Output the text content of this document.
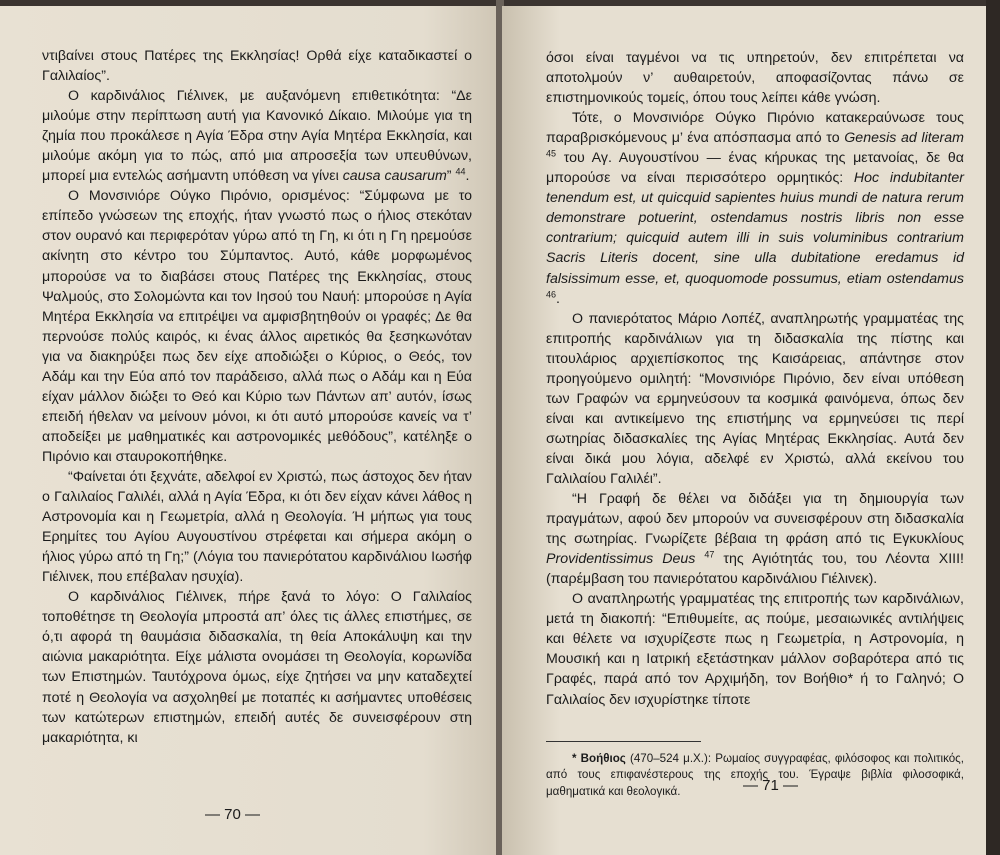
ντιβαίνει στους Πατέρες της Εκκλησίας! Ορθά είχε καταδικαστεί ο Γαλιλαίος”.

Ο καρδινάλιος Γιέλινεκ, με αυξανόμενη επιθετικότητα: “Δε μιλούμε στην περίπτωση αυτή για Κανονικό Δίκαιο. Μιλούμε για τη ζημία που προκάλεσε η Αγία Έδρα στην Αγία Μητέρα Εκκλησία, και μιλούμε ακόμη για το πώς, από μια απροσεξία των υπευθύνων, μπορεί μια εντελώς ασήμαντη υπόθεση να γίνει causa causarum” $^{44}$.

Ο Μονσινιόρε Ούγκο Πιρόνιο, ορισμένος: “Σύμφωνα με το επίπεδο γνώσεων της εποχής, ήταν γνωστό πως ο ήλιος στεκόταν στον ουρανό και περιφερόταν γύρω από τη Γη, κι ότι η Γη ηρεμούσε ακίνητη στο κέντρο του Σύμπαντος. Αυτό, κάθε μορφωμένος μπορούσε να το διαβάσει στους Πατέρες της Εκκλησίας, στους Ψαλμούς, στο Σολομώντα και τον Ιησού του Ναυή: μπορούσε η Αγία Μητέρα Εκκλησία να επιτρέψει να αμφισβητηθούν οι γραφές; Δε θα περνούσε πολύς καιρός, κι ένας άλλος αιρετικός θα ξεσηκωνόταν για να διακηρύξει πως δεν είχε αποδιώξει ο Κύριος, ο Θεός, τον Αδάμ και την Εύα από τον παράδεισο, αλλά πως ο Αδάμ και η Εύα είχαν μάλλον διώξει το Θεό και Κύριο των Πάντων απ’ αυτόν, ίσως επειδή ήθελαν να μείνουν μόνοι, κι ότι αυτό μπορούσε κανείς να τ’ αποδείξει με μαθηματικές και αστρονομικές μεθόδους”, κατέληξε ο Πιρόνιο και σταυροκοπήθηκε.

“Φαίνεται ότι ξεχνάτε, αδελφοί εν Χριστώ, πως άστοχος δεν ήταν ο Γαλιλαίος Γαλιλέι, αλλά η Αγία Έδρα, κι ότι δεν είχαν κάνει λάθος η Αστρονομία και η Γεωμετρία, αλλά η Θεολογία. Ή μήπως για τους Ερημίτες του Αγίου Αυγουστίνου στρέφεται και σήμερα ακόμη ο ήλιος γύρω από τη Γη;” (Λόγια του πανιερότατου καρδινάλιου Ιωσήφ Γιέλινεκ, που επέβαλαν ησυχία).

Ο καρδινάλιος Γιέλινεκ, πήρε ξανά το λόγο: Ο Γαλιλαίος τοποθέτησε τη Θεολογία μπροστά απ’ όλες τις άλλες επιστήμες, σε ό,τι αφορά τη θαυμάσια διδασκαλία, τη θεία Αποκάλυψη και την αιώνια μακαριότητα. Είχε μάλιστα ονομάσει τη Θεολογία, κορωνίδα των Επιστημών. Ταυτόχρονα όμως, είχε ζητήσει να μην καταδεχτεί ποτέ η Θεολογία να ασχοληθεί με ποταπές κι ασήμαντες υποθέσεις των κατώτερων επιστημών, επειδή αυτές δε συνεισφέρουν στη μακαριότητα, κι

— 70 —

όσοι είναι ταγμένοι να τις υπηρετούν, δεν επιτρέπεται να αποτολμούν ν’ αυθαιρετούν, αποφασίζοντας πάνω σε επιστημονικούς τομείς, όπου τους λείπει κάθε γνώση.

Τότε, ο Μονσινιόρε Ούγκο Πιρόνιο κατακεραύνωσε τους παραβρισκόμενους μ’ ένα απόσπασμα από το Genesis ad literam $^{45}$ του Αγ. Αυγουστίνου — ένας κήρυκας της μετανοίας, δε θα μπορούσε να είναι περισσότερο ορμητικός: Hoc indubitanter tenendum est, ut quicquid sapientes huius mundi de natura rerum demonstrare potuerint, ostendamus nostris libris non esse contrarium; quicquid autem illi in suis voluminibus contrarium Sacris Literis docent, sine ulla dubitatione eredamus id falsissimum esse, et, quoquomode possumus, etiam ostendamus $^{46}$.

Ο πανιερότατος Μάριο Λοπέζ, αναπληρωτής γραμματέας της επιτροπής καρδινάλιων για τη διδασκαλία της πίστης και τιτουλάριος αρχιεπίσκοπος της Καισάρειας, απάντησε στον προηγούμενο ομιλητή: “Μονσινιόρε Πιρόνιο, δεν είναι υπόθεση των Γραφών να ερμηνεύσουν τα κοσμικά φαινόμενα, όπως δεν είναι και αντικείμενο της επιστήμης να ερμηνεύσει τις περί σωτηρίας διδασκαλίες της Αγίας Μητέρας Εκκλησίας. Αυτά δεν είναι δικά μου λόγια, αδελφέ εν Χριστώ, αλλά εκείνου του Γαλιλαίου Γαλιλέι”.

“Η Γραφή δε θέλει να διδάξει για τη δημιουργία των πραγμάτων, αφού δεν μπορούν να συνεισφέρουν στη διδασκαλία της σωτηρίας. Γνωρίζετε βέβαια τη φράση από τις Εγκυκλίους Providentissimus Deus $^{47}$ της Αγιότητάς του, του Λέοντα XIII! (παρέμβαση του πανιερότατου καρδινάλιου Γιέλινεκ).

Ο αναπληρωτής γραμματέας της επιτροπής των καρδινάλιων, μετά τη διακοπή: “Επιθυμείτε, ας πούμε, μεσαιωνικές αντιλήψεις και θέλετε να ισχυρίζεστε πως η Γεωμετρία, η Αστρονομία, η Μουσική και η Ιατρική εξετάστηκαν μάλλον σοβαρότερα από τις Γραφές, παρά από τον Αρχιμήδη, τον Βοήθιο* ή το Γαληνό; Ο Γαλιλαίος δεν ισχυρίστηκε τίποτε

* Βοήθιος (470–524 μ.Χ.): Ρωμαίος συγγραφέας, φιλόσοφος και πολιτικός, από τους επιφανέστερους της εποχής του. Έγραψε βιβλία φιλοσοφικά, μαθηματικά και θεολογικά.	— 71 —
